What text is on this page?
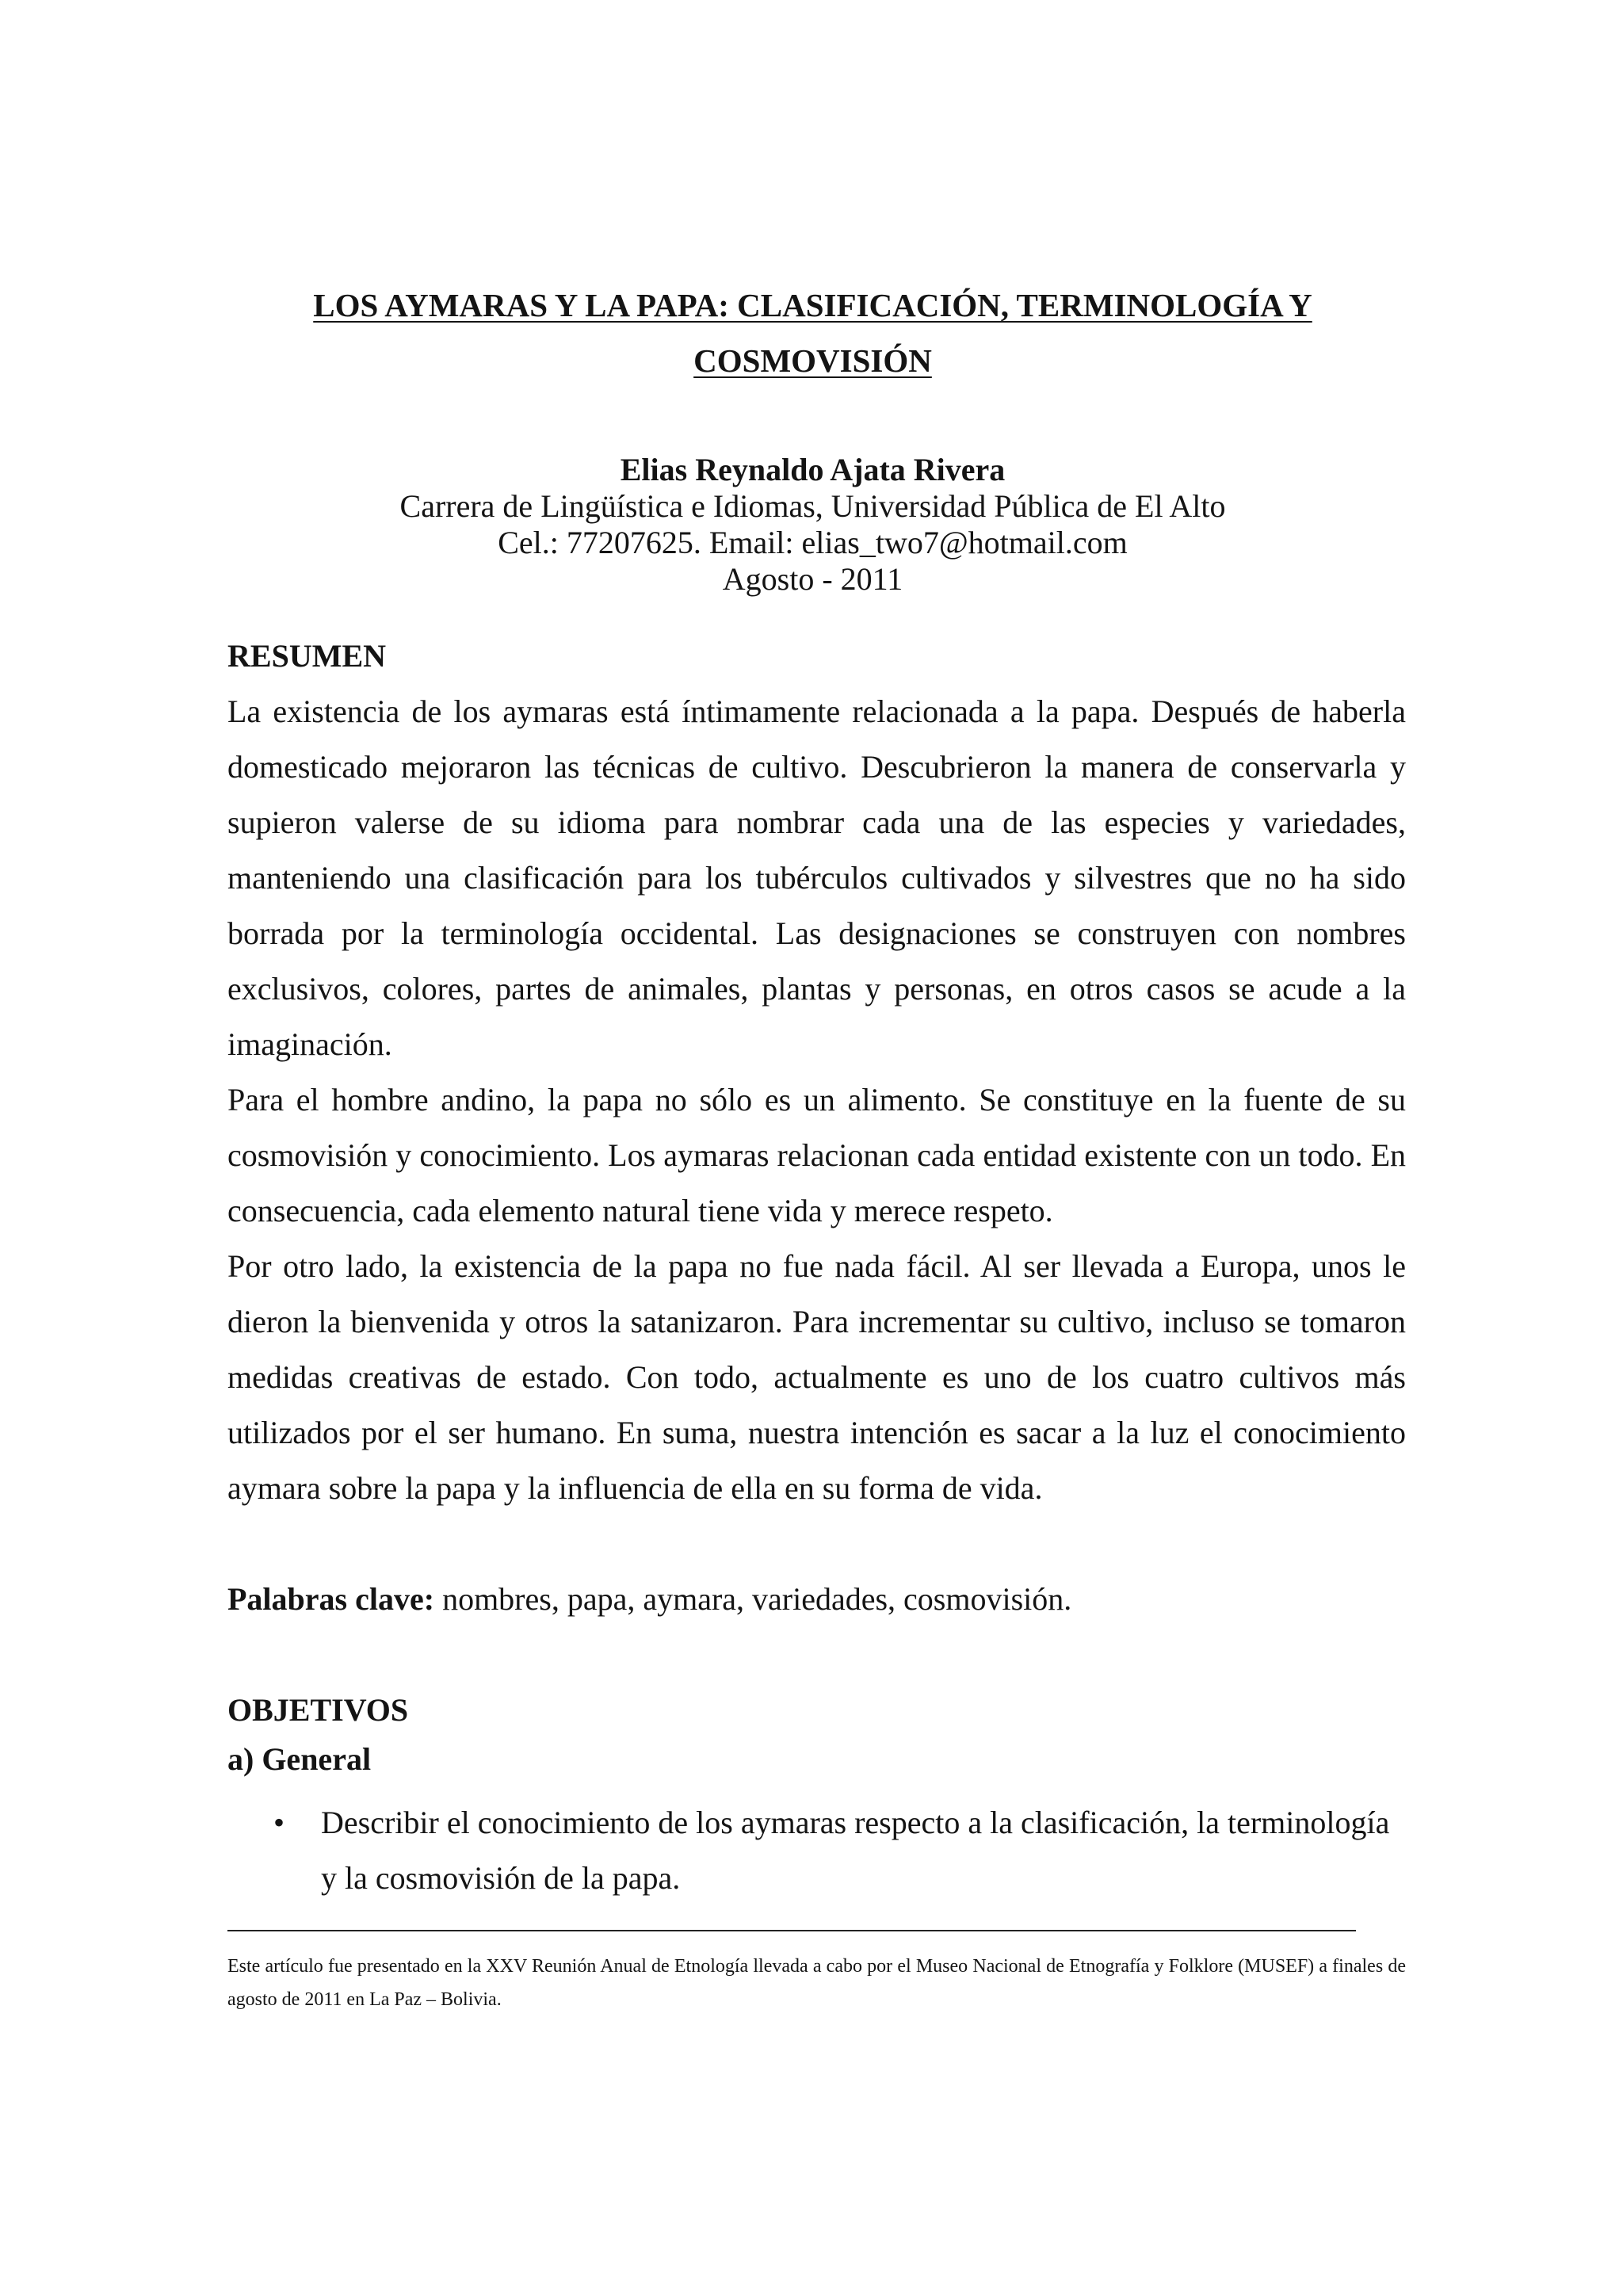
LOS AYMARAS Y LA PAPA: CLASIFICACIÓN, TERMINOLOGÍA Y
COSMOVISIÓN
Elias Reynaldo Ajata Rivera
Carrera de Lingüística e Idiomas, Universidad Pública de El Alto
Cel.: 77207625. Email: elias_two7@hotmail.com
Agosto - 2011
RESUMEN

La existencia de los aymaras está íntimamente relacionada a la papa. Después de haberla domesticado mejoraron las técnicas de cultivo. Descubrieron la manera de conservarla y supieron valerse de su idioma para nombrar cada una de las especies y variedades, manteniendo una clasificación para los tubérculos cultivados y silvestres que no ha sido borrada por la terminología occidental. Las designaciones se construyen con nombres exclusivos, colores, partes de animales, plantas y personas, en otros casos se acude a la imaginación.

Para el hombre andino, la papa no sólo es un alimento. Se constituye en la fuente de su cosmovisión y conocimiento. Los aymaras relacionan cada entidad existente con un todo. En consecuencia, cada elemento natural tiene vida y merece respeto.

Por otro lado, la existencia de la papa no fue nada fácil. Al ser llevada a Europa, unos le dieron la bienvenida y otros la satanizaron. Para incrementar su cultivo, incluso se tomaron medidas creativas de estado. Con todo, actualmente es uno de los cuatro cultivos más utilizados por el ser humano. En suma, nuestra intención es sacar a la luz el conocimiento aymara sobre la papa y la influencia de ella en su forma de vida.

Palabras clave: nombres, papa, aymara, variedades, cosmovisión.

OBJETIVOS
a) General
• Describir el conocimiento de los aymaras respecto a la clasificación, la terminología y la cosmovisión de la papa.

Este artículo fue presentado en la XXV Reunión Anual de Etnología llevada a cabo por el Museo Nacional de Etnografía y Folklore (MUSEF) a finales de agosto de 2011 en La Paz – Bolivia.
